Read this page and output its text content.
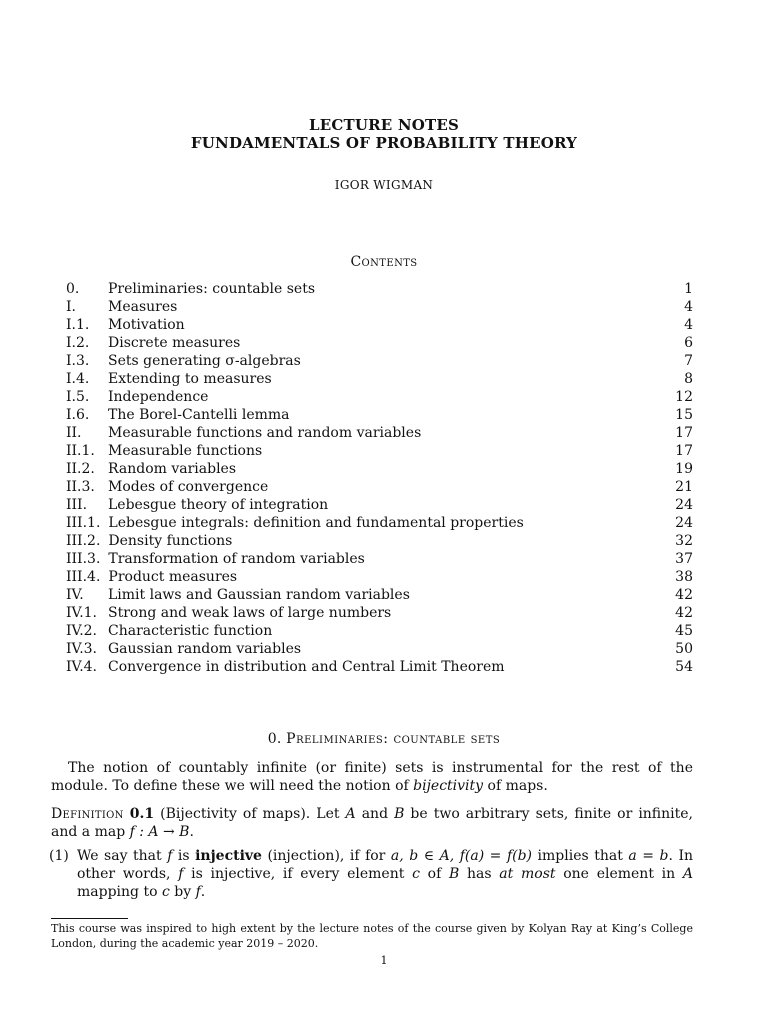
LECTURE NOTES

FUNDAMENTALS OF PROBABILITY THEORY

IGOR WIGMAN
Contents
0. Preliminaries: countable sets	1
I. Measures	4
I.1. Motivation	4
I.2. Discrete measures	6
I.3. Sets generating σ-algebras	7
I.4. Extending to measures	8
I.5. Independence	12
I.6. The Borel-Cantelli lemma	15
II. Measurable functions and random variables	17
II.1. Measurable functions	17
II.2. Random variables	19
II.3. Modes of convergence	21
III. Lebesgue theory of integration	24
III.1. Lebesgue integrals: definition and fundamental properties	24
III.2. Density functions	32
III.3. Transformation of random variables	37
III.4. Product measures	38
IV. Limit laws and Gaussian random variables	42
IV.1. Strong and weak laws of large numbers	42
IV.2. Characteristic function	45
IV.3. Gaussian random variables	50
IV.4. Convergence in distribution and Central Limit Theorem	54
0. Preliminaries: countable sets
The notion of countably infinite (or finite) sets is instrumental for the rest of the module. To define these we will need the notion of bijectivity of maps.
Definition 0.1 (Bijectivity of maps). Let A and B be two arbitrary sets, finite or infinite, and a map f : A → B.
(1) We say that f is injective (injection), if for a, b ∈ A, f(a) = f(b) implies that a = b. In other words, f is injective, if every element c of B has at most one element in A mapping to c by f.
This course was inspired to high extent by the lecture notes of the course given by Kolyan Ray at King’s College London, during the academic year 2019 – 2020.
1
